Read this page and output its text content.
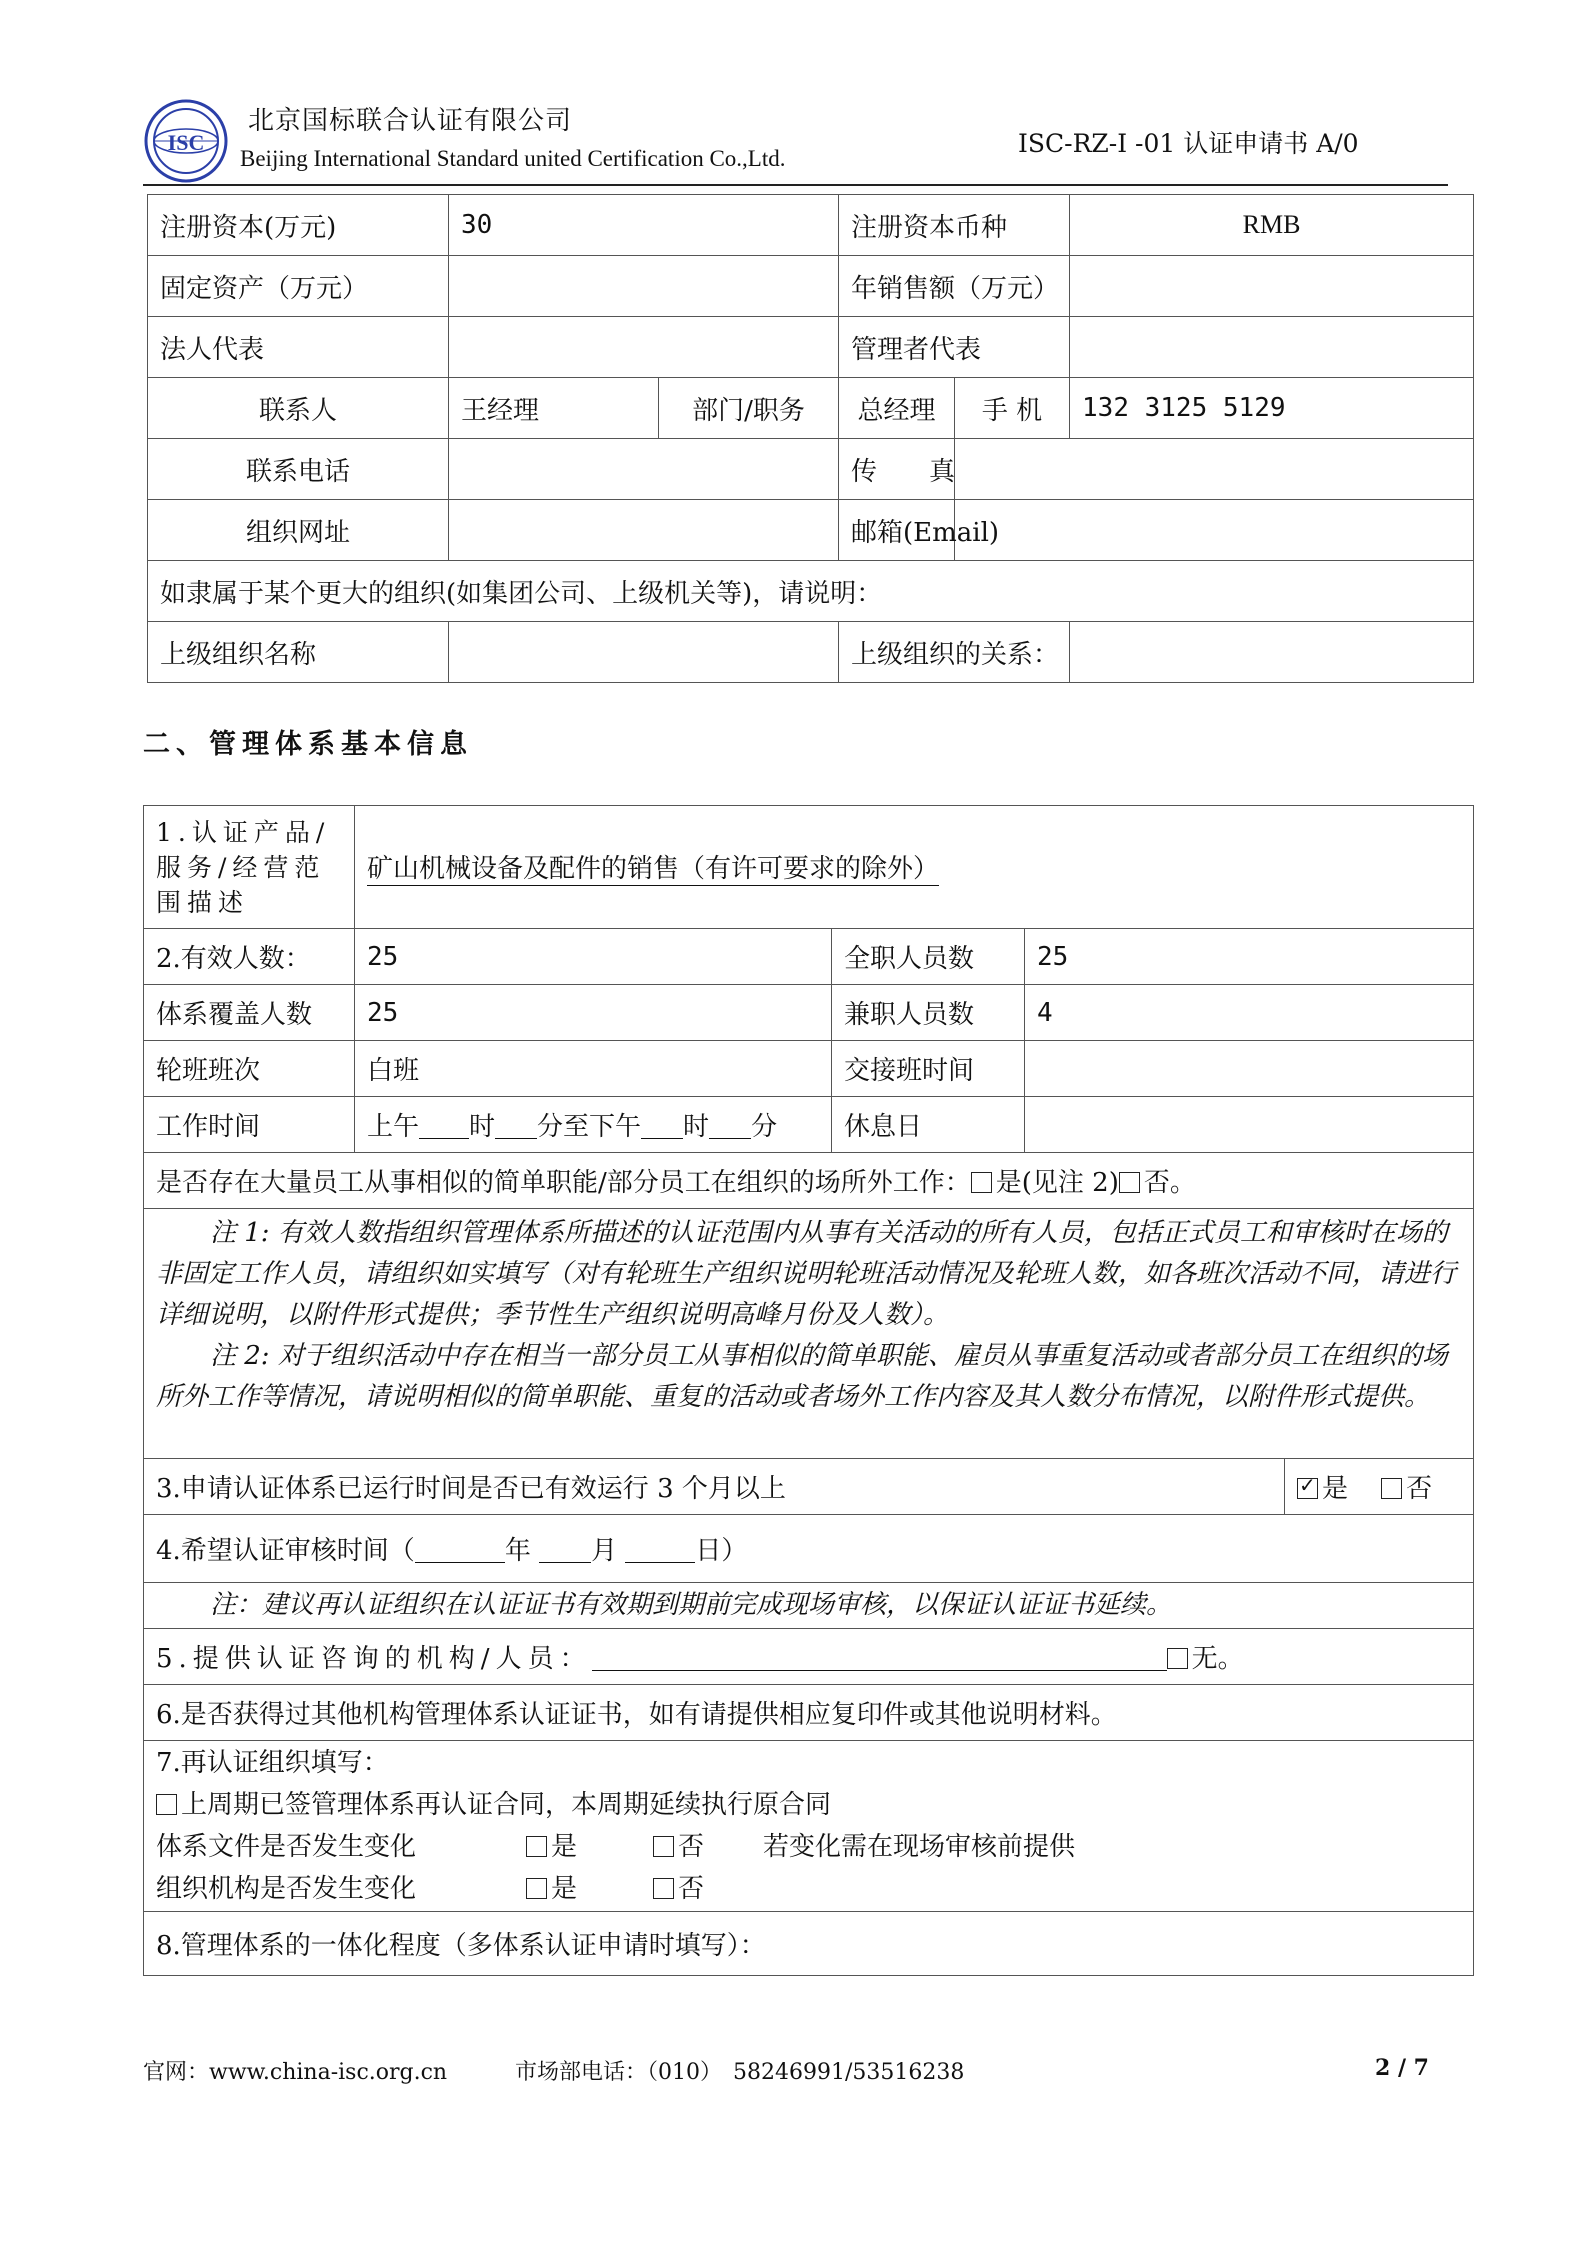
ISC
北京国标联合认证有限公司
Beijing International Standard united Certification Co.,Ltd.
ISC-RZ-I -01 认证申请书 A/0
注册资本(万元)	30		注册资本币种		RMB
固定资产（万元）			年销售额（万元）		
法人代表			管理者代表		
联系人	王经理	部门/职务	总经理	手 机	132 3125 5129
联系电话			传　　真		
组织网址			邮箱(Email)		
如隶属于某个更大的组织(如集团公司、上级机关等)，请说明：					
上级组织名称			上级组织的关系：		
二、管理体系基本信息
1.认证产品/服务/经营范围描述	矿山机械设备及配件的销售（有许可要求的除外）			
2.有效人数：	25	全职人员数	25	
体系覆盖人数	25	兼职人员数	4	
轮班班次	白班	交接班时间		
工作时间	上午 时 分至下午 时 分	休息日		
是否存在大量员工从事相似的简单职能/部分员工在组织的场所外工作： 是(见注 2) 否。				

注 1: 有效人数指组织管理体系所描述的认证范围内从事有关活动的所有人员，包括正式员工和审核时在场的非固定工作人员，请组织如实填写（对有轮班生产组织说明轮班活动情况及轮班人数，如各班次活动不同，请进行详细说明，以附件形式提供；季节性生产组织说明高峰月份及人数）。
注 2: 对于组织活动中存在相当一部分员工从事相似的简单职能、雇员从事重复活动或者部分员工在组织的场所外工作等情况，请说明相似的简单职能、重复的活动或者场外工作内容及其人数分布情况，以附件形式提供。				

3.申请认证体系已运行时间是否已有效运行 3 个月以上	✓是 否
4.希望认证审核时间（ 年 月 日）				
注：建议再认证组织在认证证书有效期到期前完成现场审核，以保证认证证书延续。				
5.提供认证咨询的机构/人员： 无。				
6.是否获得过其他机构管理体系认证证书，如有请提供相应复印件或其他说明材料。				

7.再认证组织填写：
上周期已签管理体系再认证合同，本周期延续执行原合同
体系文件是否发生变化 是 否 若变化需在现场审核前提供
组织机构是否发生变化 是 否				

8.管理体系的一体化程度（多体系认证申请时填写）：				
官网：www.china-isc.org.cn	市场部电话：（010）　58246991/53516238	2 / 7
